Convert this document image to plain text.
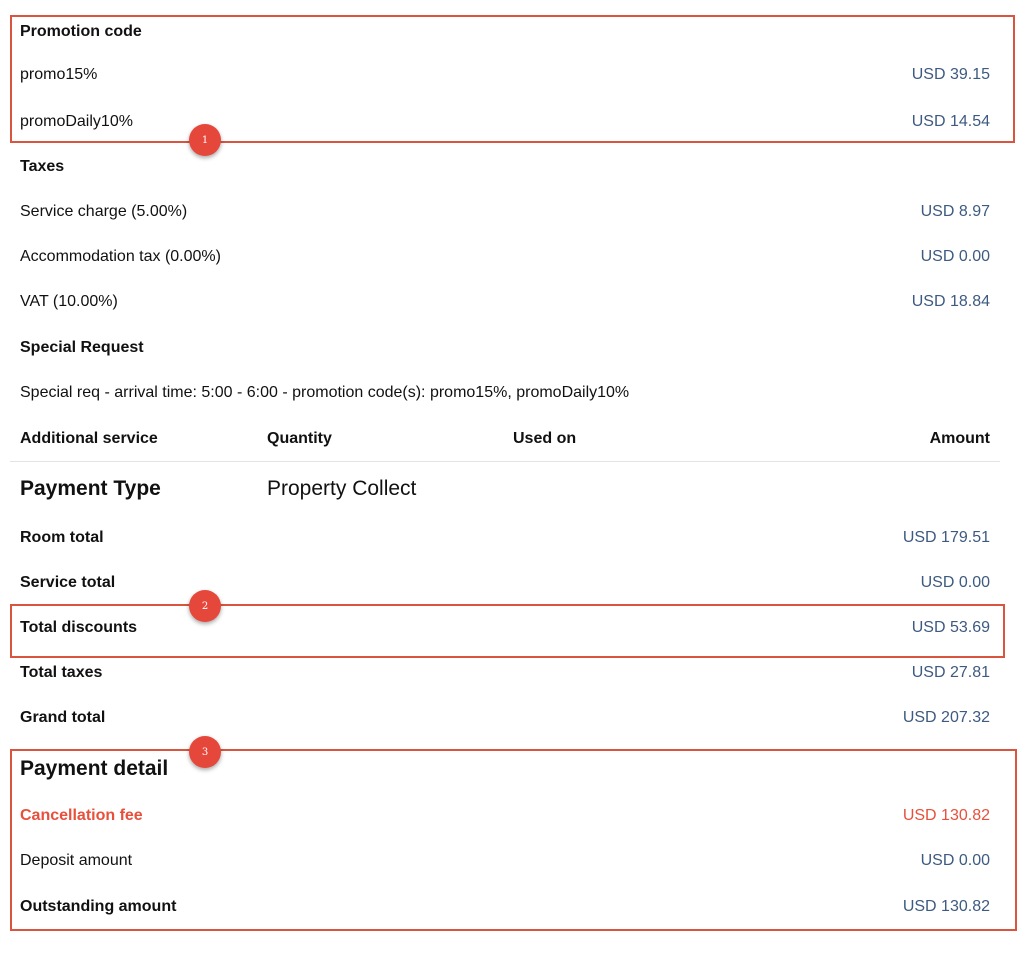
Promotion code
promo15%	USD 39.15
promoDaily10%	USD 14.54
Taxes
Service charge (5.00%)	USD 8.97
Accommodation tax (0.00%)	USD 0.00
VAT (10.00%)	USD 18.84
Special Request
Special req - arrival time: 5:00 - 6:00 - promotion code(s): promo15%, promoDaily10%
Additional service	Quantity	Used on	Amount
Payment Type	Property Collect
Room total	USD 179.51
Service total	USD 0.00
Total discounts	USD 53.69
Total taxes	USD 27.81
Grand total	USD 207.32
Payment detail
Cancellation fee	USD 130.82
Deposit amount	USD 0.00
Outstanding amount	USD 130.82
1
2
3
